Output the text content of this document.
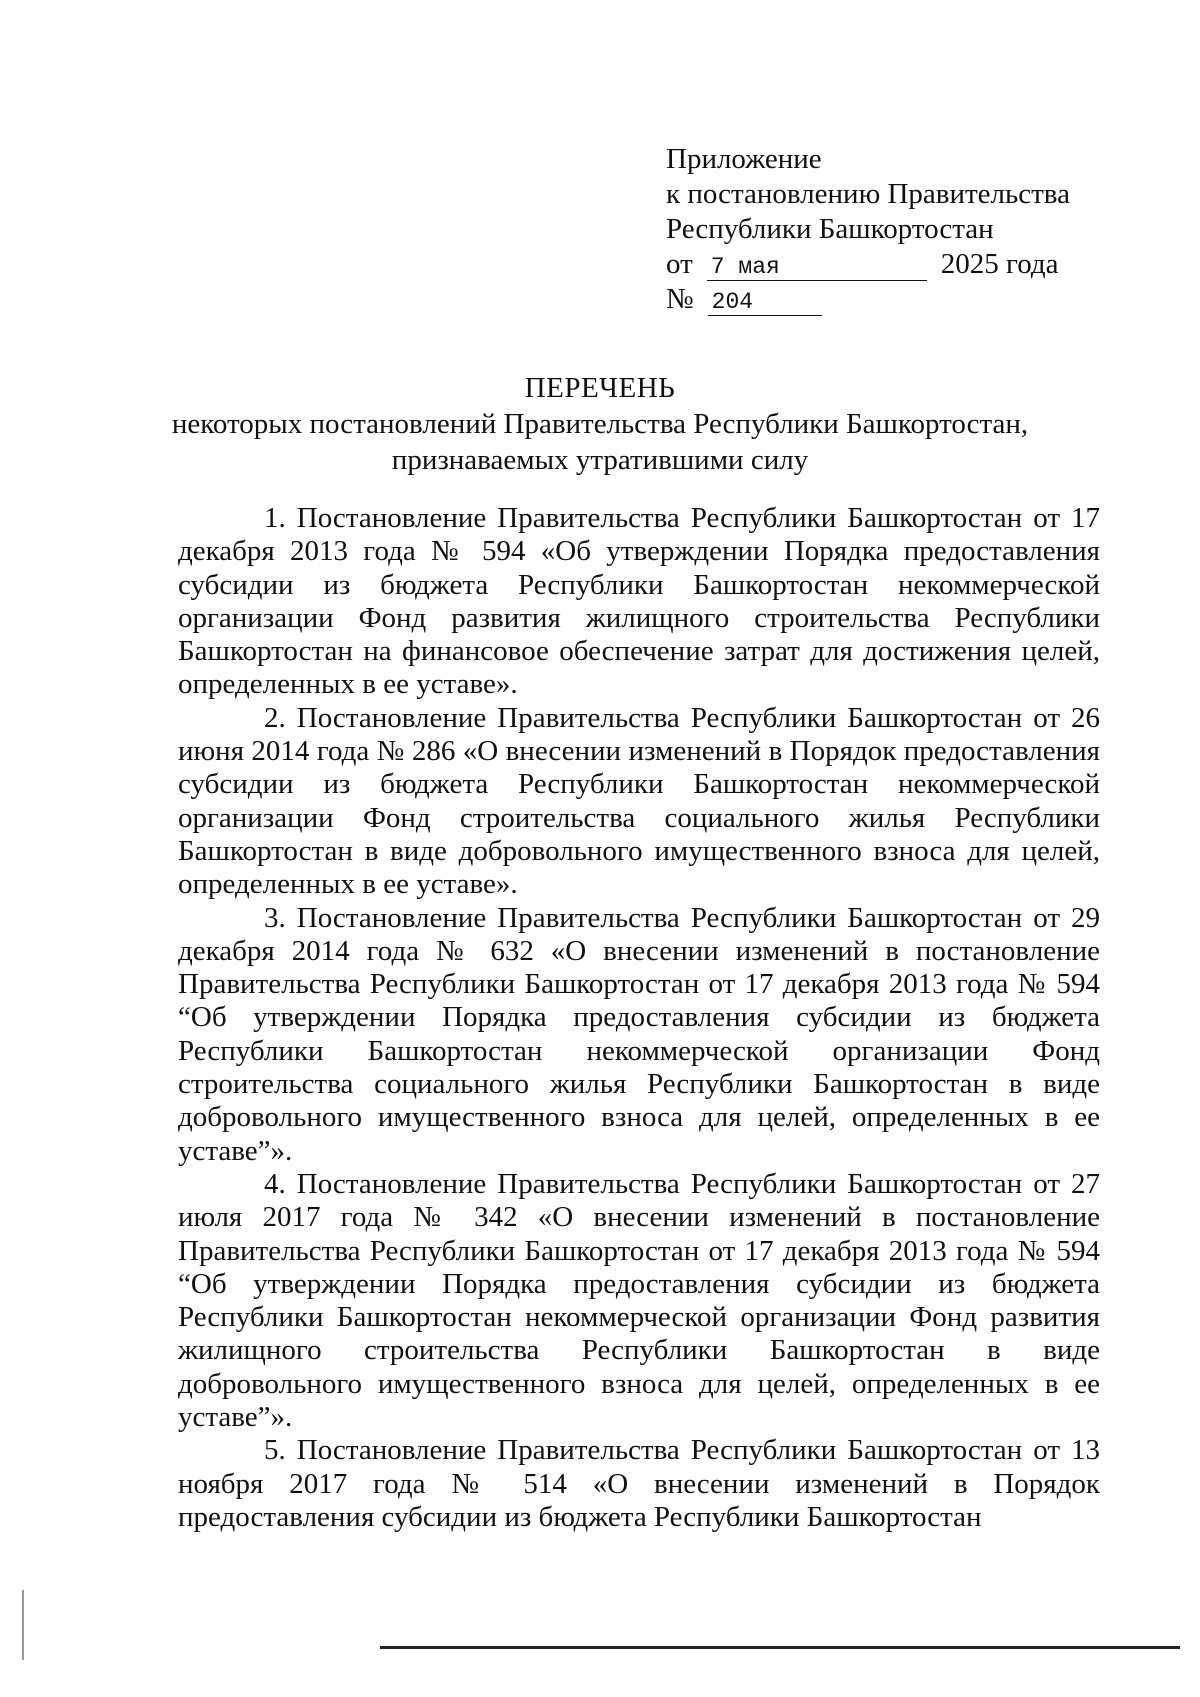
Приложение
к постановлению Правительства
Республики Башкортостан
от 7 мая	2025 года
№ 204
ПЕРЕЧЕНЬ
некоторых постановлений Правительства Республики Башкортостан,
признаваемых утратившими силу

1. Постановление Правительства Республики Башкортостан от 17 декабря 2013 года № 594 «Об утверждении Порядка предоставления субсидии из бюджета Республики Башкортостан некоммерческой организации Фонд развития жилищного строительства Республики Башкортостан на финансовое обеспечение затрат для достижения целей, определенных в ее уставе».

2. Постановление Правительства Республики Башкортостан от 26 июня 2014 года № 286 «О внесении изменений в Порядок предоставления субсидии из бюджета Республики Башкортостан некоммерческой организации Фонд строительства социального жилья Республики Башкортостан в виде добровольного имущественного взноса для целей, определенных в ее уставе».

3. Постановление Правительства Республики Башкортостан от 29 декабря 2014 года № 632 «О внесении изменений в постановление Правительства Республики Башкортостан от 17 декабря 2013 года № 594 “Об утверждении Порядка предоставления субсидии из бюджета Республики Башкортостан некоммерческой организации Фонд строительства социального жилья Республики Башкортостан в виде добровольного имущественного взноса для целей, определенных в ее уставе”».

4. Постановление Правительства Республики Башкортостан от 27 июля 2017 года № 342 «О внесении изменений в постановление Правительства Республики Башкортостан от 17 декабря 2013 года № 594 “Об утверждении Порядка предоставления субсидии из бюджета Республики Башкортостан некоммерческой организации Фонд развития жилищного строительства Республики Башкортостан в виде добровольного имущественного взноса для целей, определенных в ее уставе”».

5. Постановление Правительства Республики Башкортостан от 13 ноября 2017 года № 514 «О внесении изменений в Порядок предоставления субсидии из бюджета Республики Башкортостан
